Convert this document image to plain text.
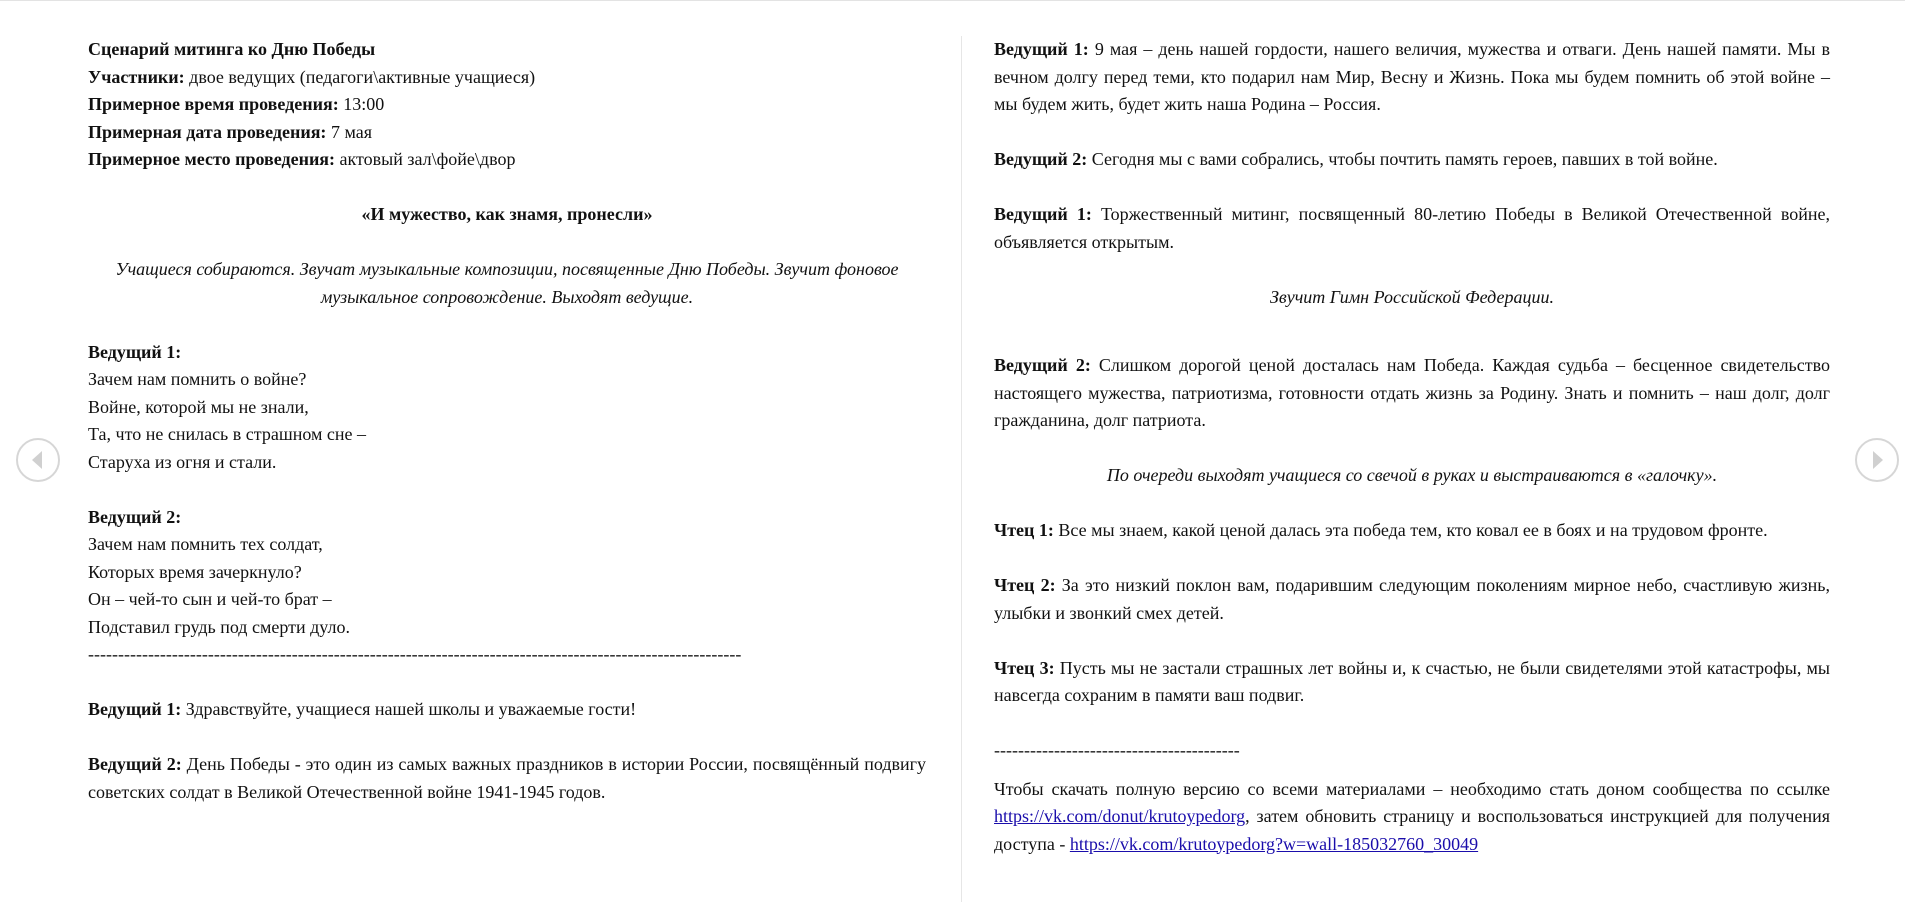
Сценарий митинга ко Дню Победы
Участники: двое ведущих (педагоги\активные учащиеся)
Примерное время проведения: 13:00
Примерная дата проведения: 7 мая
Примерное место проведения: актовый зал\фойе\двор
«И мужество, как знамя, пронесли»
Учащиеся собираются. Звучат музыкальные композиции, посвященные Дню Победы. Звучит фоновое музыкальное сопровождение. Выходят ведущие.
Ведущий 1:
Зачем нам помнить о войне?
Войне, которой мы не знали,
Та, что не снилась в страшном сне –
Старуха из огня и стали.
Ведущий 2:
Зачем нам помнить тех солдат,
Которых время зачеркнуло?
Он – чей-то сын и чей-то брат –
Подставил грудь под смерти дуло.
-------------------------------------------------------------------------------------------------------------
Ведущий 1: Здравствуйте, учащиеся нашей школы и уважаемые гости!
Ведущий 2: День Победы - это один из самых важных праздников в истории России, посвящённый подвигу советских солдат в Великой Отечественной войне 1941-1945 годов.
Ведущий 1: 9 мая – день нашей гордости, нашего величия, мужества и отваги. День нашей памяти. Мы в вечном долгу перед теми, кто подарил нам Мир, Весну и Жизнь. Пока мы будем помнить об этой войне – мы будем жить, будет жить наша Родина – Россия.
Ведущий 2: Сегодня мы с вами собрались, чтобы почтить память героев, павших в той войне.
Ведущий 1: Торжественный митинг, посвященный 80-летию Победы в Великой Отечественной войне, объявляется открытым.
Звучит Гимн Российской Федерации.
Ведущий 2: Слишком дорогой ценой досталась нам Победа. Каждая судьба – бесценное свидетельство настоящего мужества, патриотизма, готовности отдать жизнь за Родину. Знать и помнить – наш долг, долг гражданина, долг патриота.
По очереди выходят учащиеся со свечой в руках и выстраиваются в «галочку».
Чтец 1: Все мы знаем, какой ценой далась эта победа тем, кто ковал ее в боях и на трудовом фронте.
Чтец 2: За это низкий поклон вам, подарившим следующим поколениям мирное небо, счастливую жизнь, улыбки и звонкий смех детей.
Чтец 3: Пусть мы не застали страшных лет войны и, к счастью, не были свидетелями этой катастрофы, мы навсегда сохраним в памяти ваш подвиг.
-----------------------------------------
Чтобы скачать полную версию со всеми материалами – необходимо стать доном сообщества по ссылке https://vk.com/donut/krutoypedorg, затем обновить страницу и воспользоваться инструкцией для получения доступа - https://vk.com/krutoypedorg?w=wall-185032760_30049
